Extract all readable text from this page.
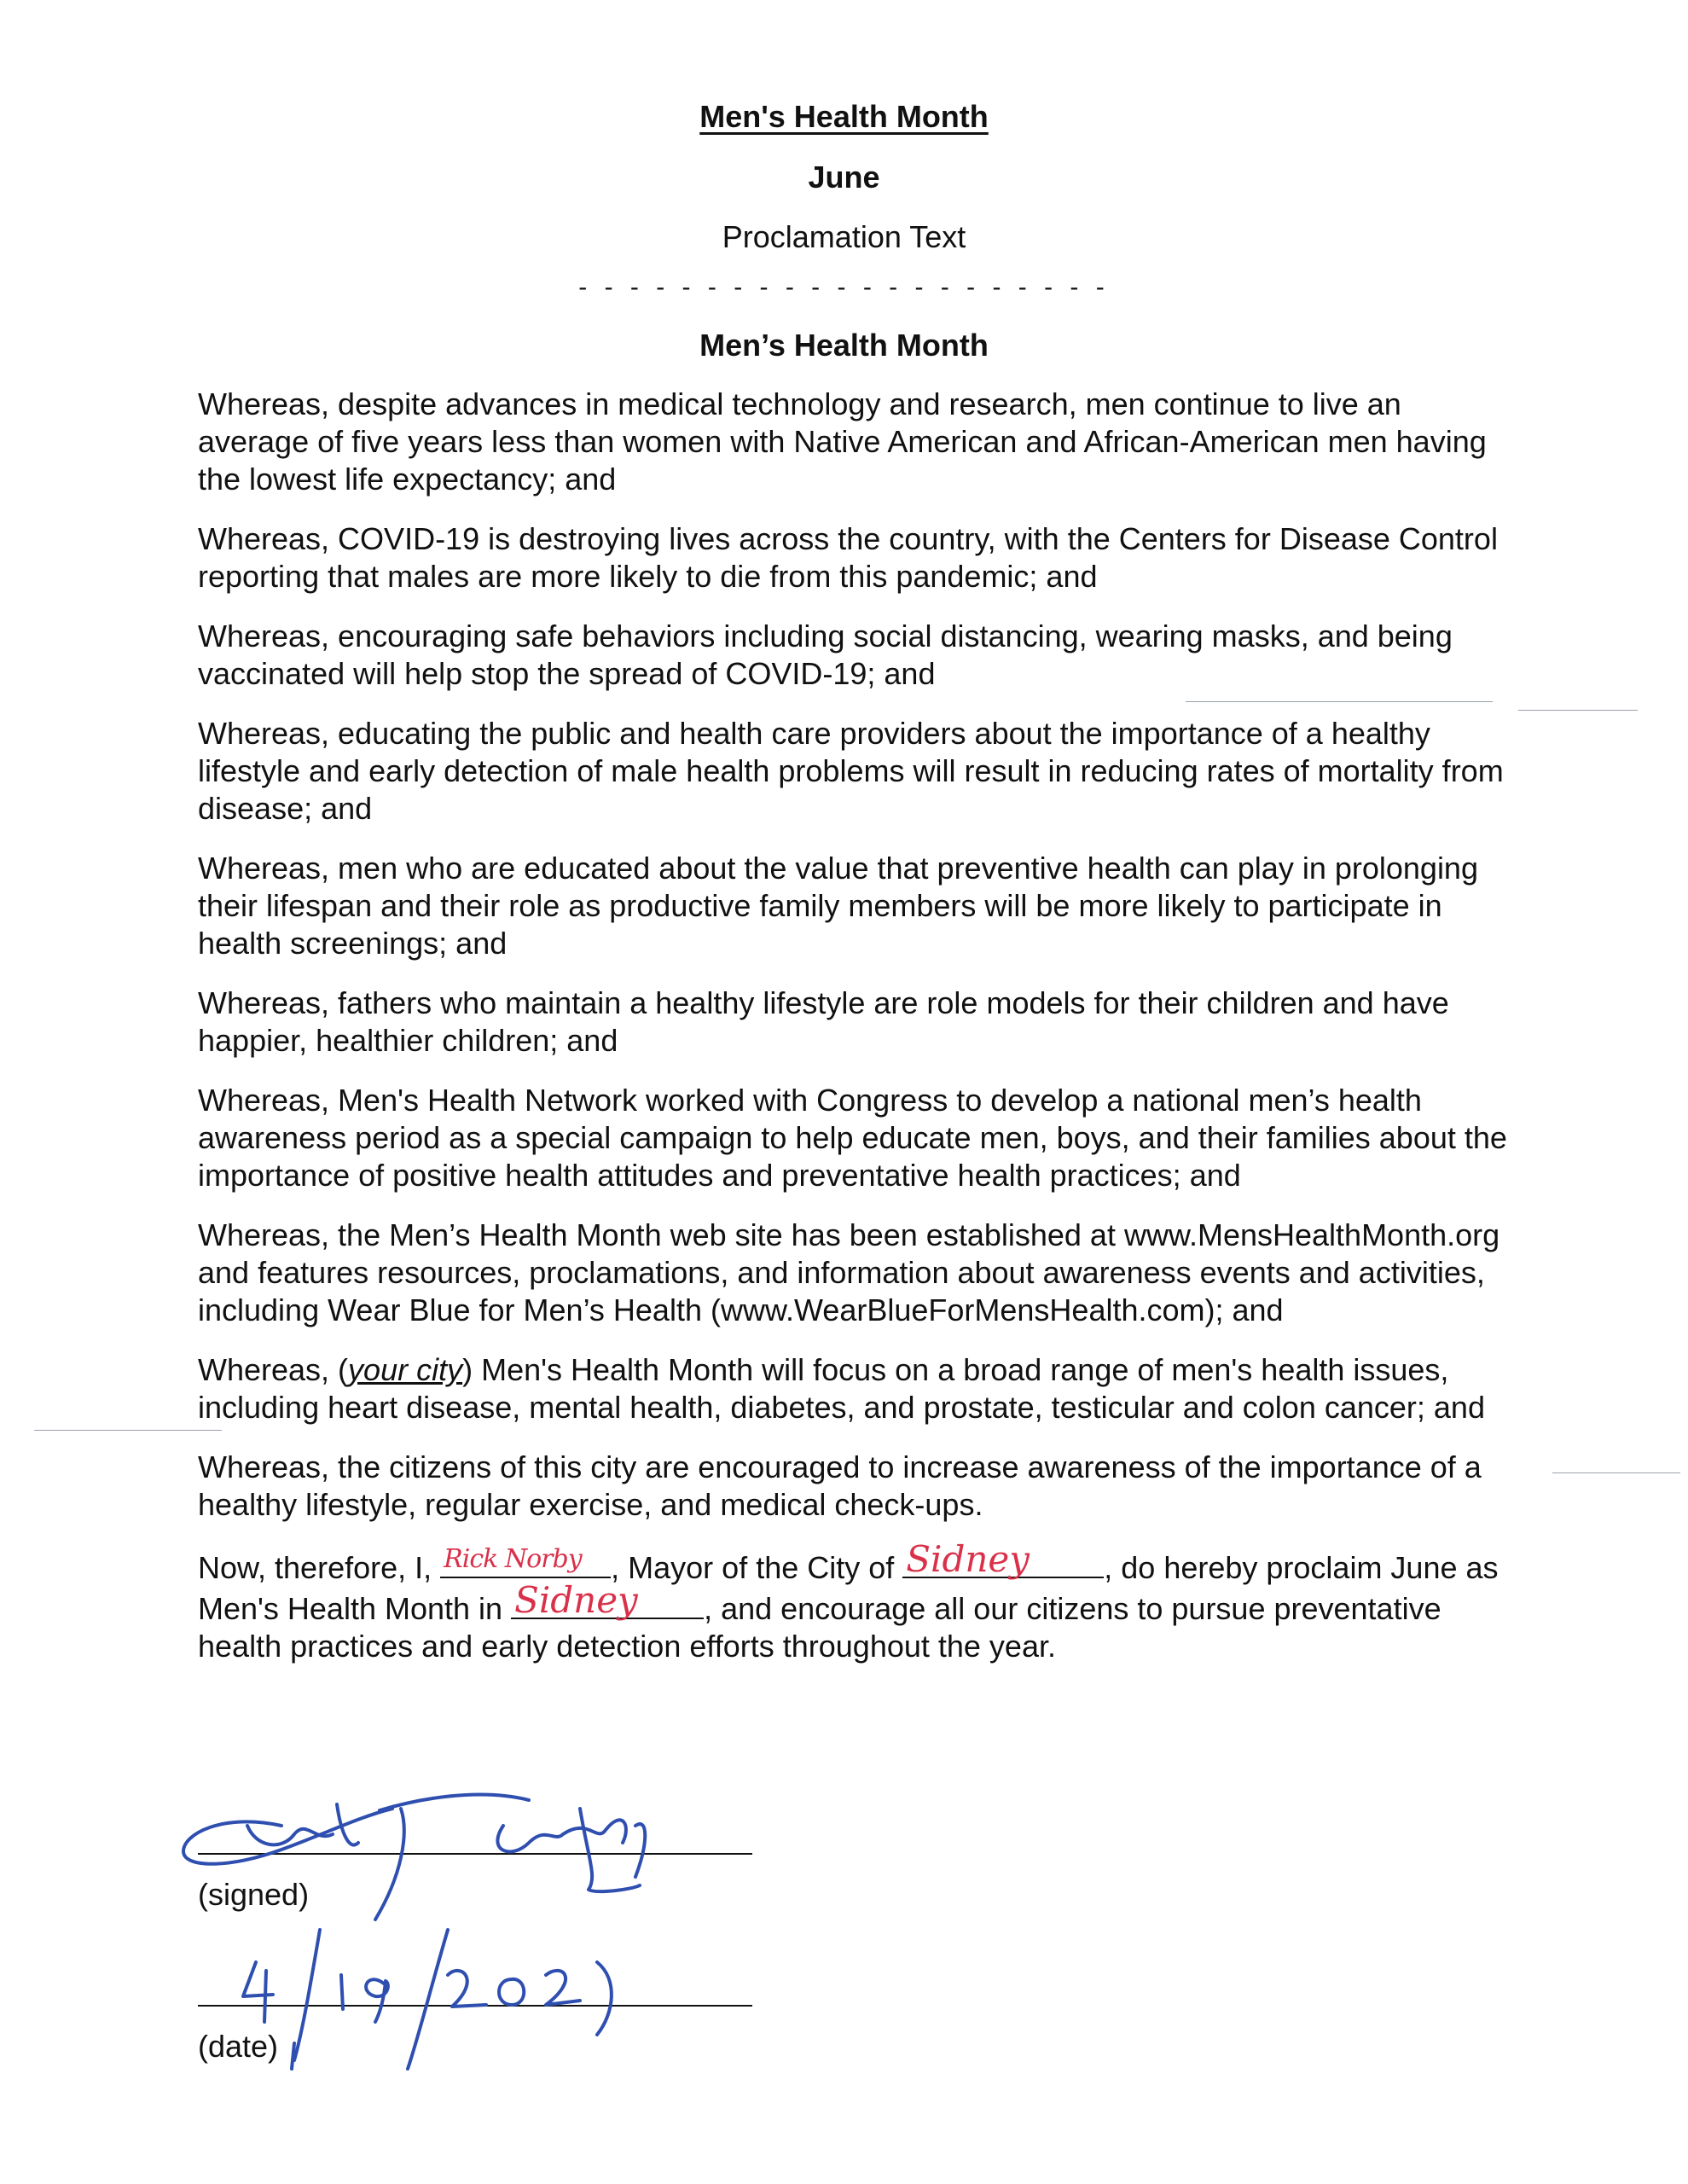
Men's Health Month
June
Proclamation Text
- - - - - - - - - - - - - - - - - - - - -
Men’s Health Month

Whereas, despite advances in medical technology and research, men continue to live an average of five years less than women with Native American and African-American men having the lowest life expectancy; and

Whereas, COVID-19 is destroying lives across the country, with the Centers for Disease Control reporting that males are more likely to die from this pandemic; and

Whereas, encouraging safe behaviors including social distancing, wearing masks, and being vaccinated will help stop the spread of COVID-19; and

Whereas, educating the public and health care providers about the importance of a healthy lifestyle and early detection of male health problems will result in reducing rates of mortality from disease; and

Whereas, men who are educated about the value that preventive health can play in prolonging their lifespan and their role as productive family members will be more likely to participate in health screenings; and

Whereas, fathers who maintain a healthy lifestyle are role models for their children and have happier, healthier children; and

Whereas, Men's Health Network worked with Congress to develop a national men’s health awareness period as a special campaign to help educate men, boys, and their families about the importance of positive health attitudes and preventative health practices; and

Whereas, the Men’s Health Month web site has been established at www.MensHealthMonth.org and features resources, proclamations, and information about awareness events and activities, including Wear Blue for Men’s Health (www.WearBlueForMensHealth.com); and

Whereas, (your city) Men's Health Month will focus on a broad range of men's health issues, including heart disease, mental health, diabetes, and prostate, testicular and colon cancer; and

Whereas, the citizens of this city are encouraged to increase awareness of the importance of a healthy lifestyle, regular exercise, and medical check-ups.

Now, therefore, I, Rick Norby , Mayor of the City of Sidney , do hereby proclaim June as Men's Health Month in Sidney , and encourage all our citizens to pursue preventative health practices and early detection efforts throughout the year.

(signed)
(date)
